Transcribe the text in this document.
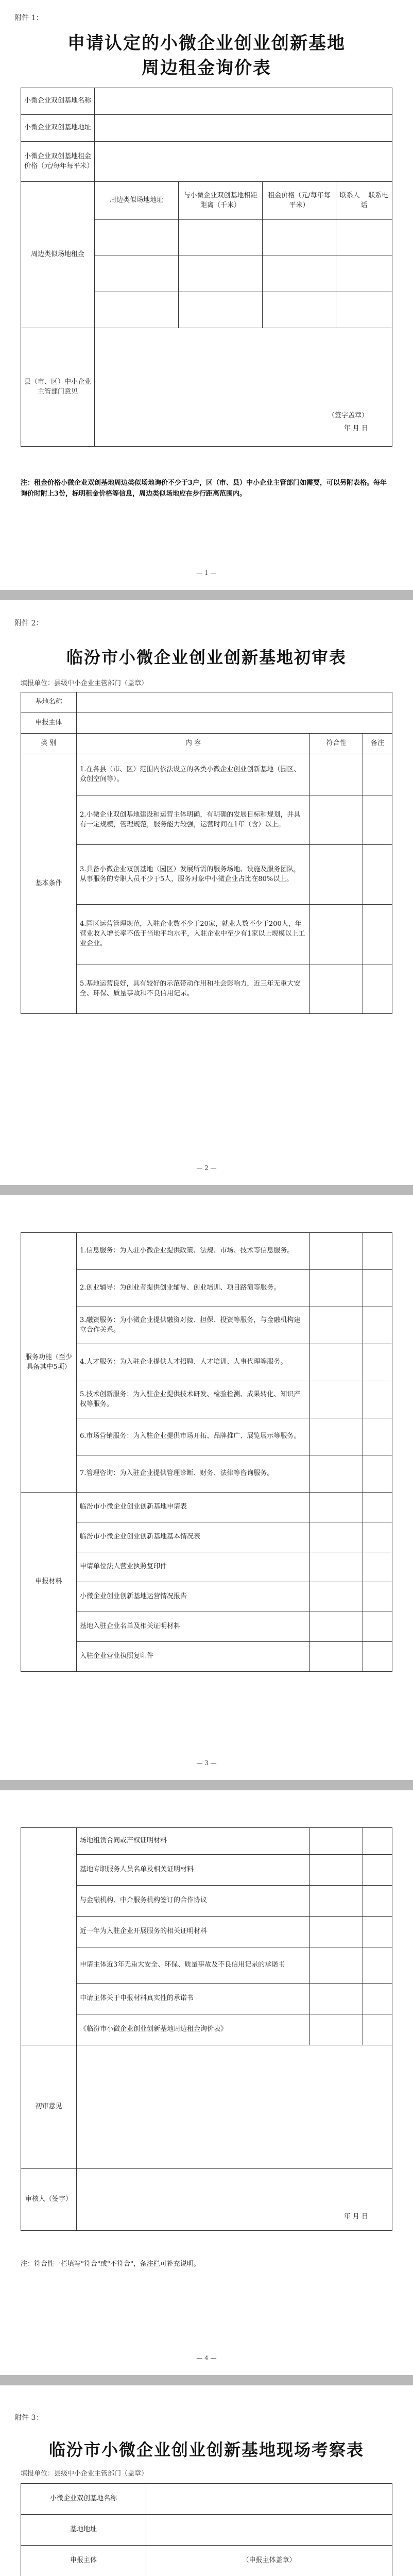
附件 1：
申请认定的小微企业创业创新基地
周边租金询价表
小微企业双创基地名称				
小微企业双创基地地址				
小微企业双创基地租金价格（元/每年每平米）				
周边类似场地租金	周边类似场地地址	与小微企业双创基地相距距离（千米）	租金价格（元/每年每平米）	联系人 联系电话

县（市、区）中小企业主管部门意见	（签字盖章）
年 月 日			
注：租金价格小微企业双创基地周边类似场地询价不少于3户，区（市、县）中小企业主管部门如需要，可以另附表格。每年询价时附上3份，标明租金价格等信息，周边类似场地应在步行距离范围内。
— 1 —
附件 2：
临汾市小微企业创业创新基地初审表
填报单位：县级中小企业主管部门（盖章）
基地名称			
申报主体			
类 别	内 容	符合性	备注
基本条件	1.在各县（市、区）范围内依法设立的各类小微企业创业创新基地（园区、众创空间等）。		
	2.小微企业双创基地建设和运营主体明确，有明确的发展目标和规划，并具有一定规模，管理规范，服务能力较强，运营时间在1年（含）以上。		
	3.具备小微企业双创基地（园区）发展所需的服务场地、设施及服务团队，从事服务的专职人员不少于5人，服务对象中小微企业占比在80%以上。		
	4.园区运营管理规范，入驻企业数不少于20家，就业人数不少于200人，年营业收入增长率不低于当地平均水平，入驻企业中至少有1家以上规模以上工业企业。		
	5.基地运营良好，具有较好的示范带动作用和社会影响力，近三年无重大安全、环保、质量事故和不良信用记录。		
— 2 —
服务功能（至少具备其中5项）	1.信息服务：为入驻小微企业提供政策、法规、市场、技术等信息服务。		
	2.创业辅导：为创业者提供创业辅导、创业培训、项目路演等服务。		
	3.融资服务：为小微企业提供融资对接、担保、投资等服务，与金融机构建立合作关系。		
	4.人才服务：为入驻企业提供人才招聘、人才培训、人事代理等服务。		
	5.技术创新服务：为入驻企业提供技术研发、检验检测、成果转化、知识产权等服务。		
	6.市场营销服务：为入驻企业提供市场开拓、品牌推广、展览展示等服务。		
	7.管理咨询：为入驻企业提供管理诊断、财务、法律等咨询服务。		
申报材料	临汾市小微企业创业创新基地申请表		
	临汾市小微企业创业创新基地基本情况表		
	申请单位法人营业执照复印件		
	小微企业创业创新基地运营情况报告		
	基地入驻企业名单及相关证明材料		
	入驻企业营业执照复印件		
— 3 —
	场地租赁合同或产权证明材料		
	基地专职服务人员名单及相关证明材料		
	与金融机构、中介服务机构签订的合作协议		
	近一年为入驻企业开展服务的相关证明材料		
	申请主体近3年无重大安全、环保、质量事故及不良信用记录的承诺书		
	申请主体关于申报材料真实性的承诺书		
	《临汾市小微企业创业创新基地周边租金询价表》		
初审意见			
审核人（签字）	年 月 日		
注：符合性一栏填写"符合"或"不符合"，备注栏可补充说明。
— 4 —
附件 3：
临汾市小微企业创业创新基地现场考察表
填报单位：县级中小企业主管部门（盖章）
小微企业双创基地名称	
基地地址	
申报主体	（申报主体盖章）
